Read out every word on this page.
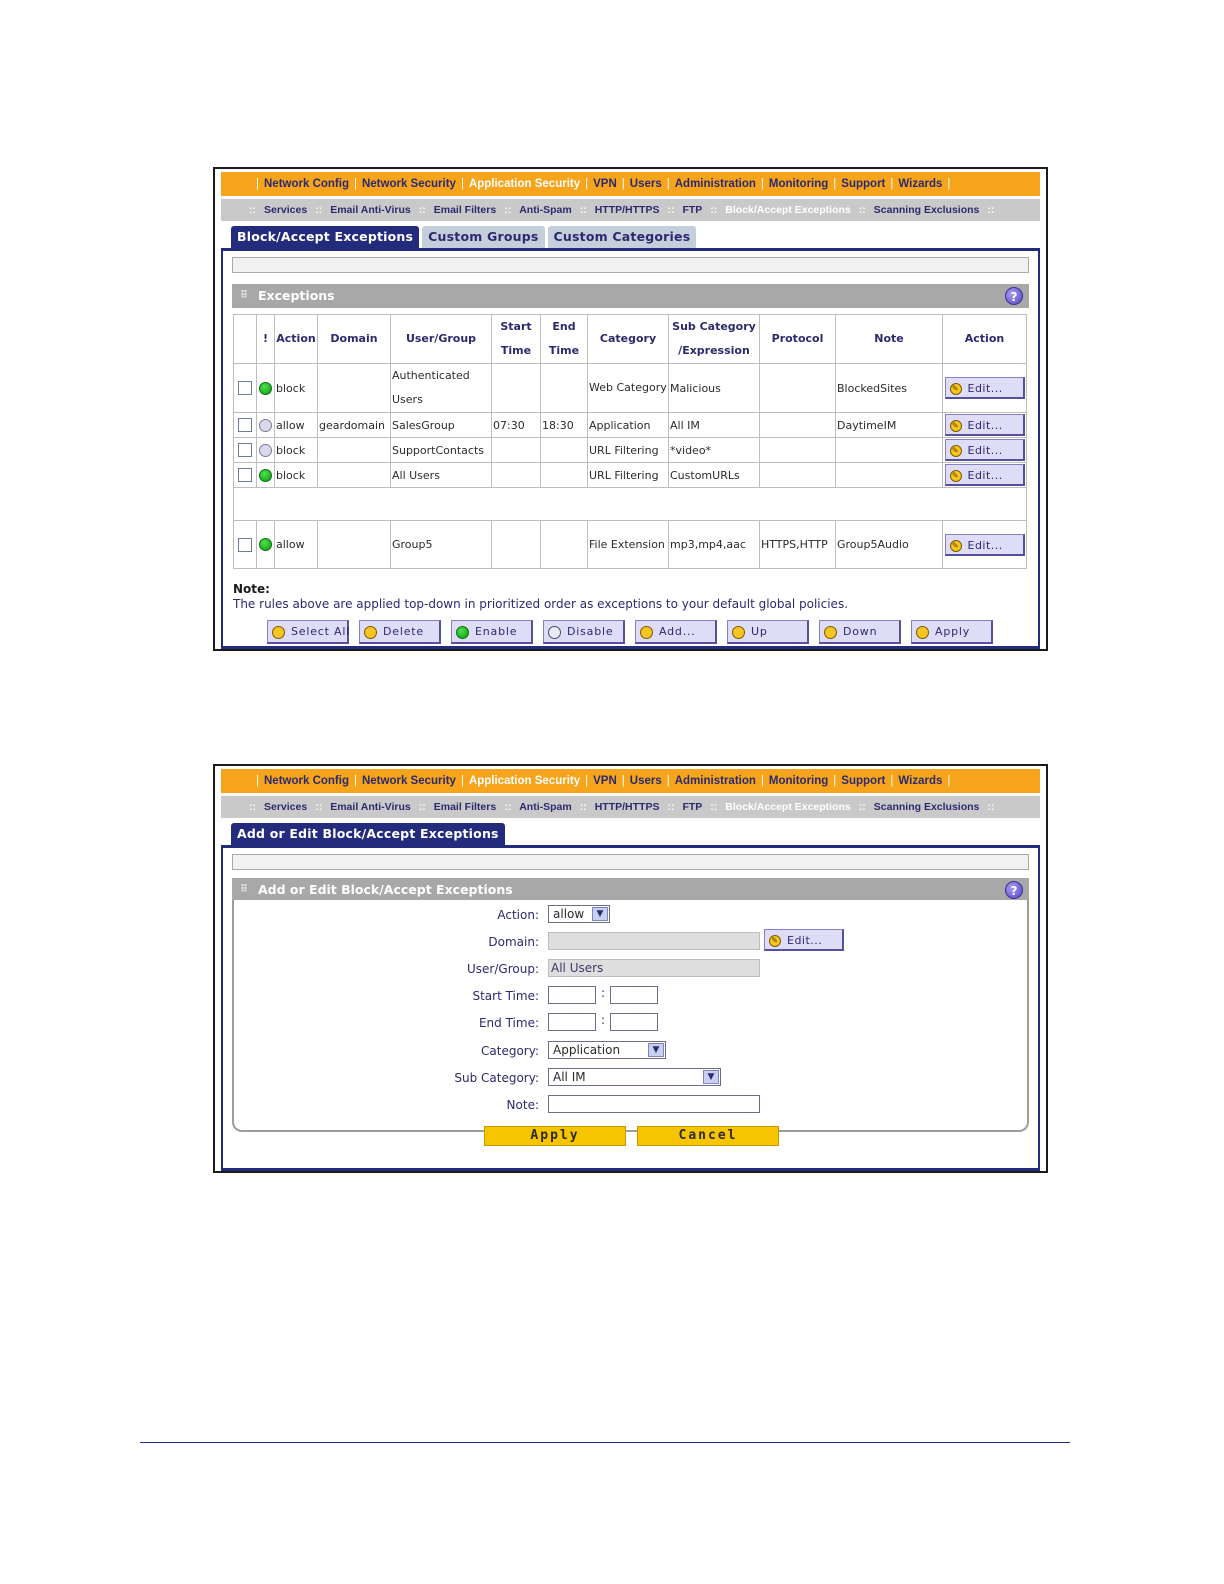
| Network Config | Network Security | Application Security | VPN | Users | Administration | Monitoring | Support | Wizards |
:: Services :: Email Anti-Virus :: Email Filters :: Anti-Spam :: HTTP/HTTPS :: FTP :: Block/Accept Exceptions :: Scanning Exclusions ::
Block/Accept Exceptions	Custom Groups	Custom Categories
⠿ Exceptions	?
	!	Action	Domain	User/Group	Start Time	End Time	Category	Sub Category /Expression	Protocol	Note	Action
		block		Authenticated Users			Web Category	Malicious		BlockedSites	✎ Edit...
		allow	geardomain	SalesGroup	07:30	18:30	Application	All IM		DaytimeIM	✎ Edit...
		block		SupportContacts			URL Filtering	*video*			✎ Edit...
		block		All Users			URL Filtering	CustomURLs			✎ Edit...

		allow		Group5			File Extension	mp3,mp4,aac	HTTPS,HTTP	Group5Audio	✎ Edit...
Note:
The rules above are applied top-down in prioritized order as exceptions to your default global policies.
Select All	Delete	Enable	Disable	Add...	Up	Down	Apply
| Network Config | Network Security | Application Security | VPN | Users | Administration | Monitoring | Support | Wizards |
:: Services :: Email Anti-Virus :: Email Filters :: Anti-Spam :: HTTP/HTTPS :: FTP :: Block/Accept Exceptions :: Scanning Exclusions ::
Add or Edit Block/Accept Exceptions
⠿ Add or Edit Block/Accept Exceptions	?
Action:	allow	▼
Domain:	✎ Edit...
User/Group: All Users
Start Time:	:
End Time:	:
Category:	Application	▼
Sub Category:	All IM	▼
Note:
Apply	Cancel
